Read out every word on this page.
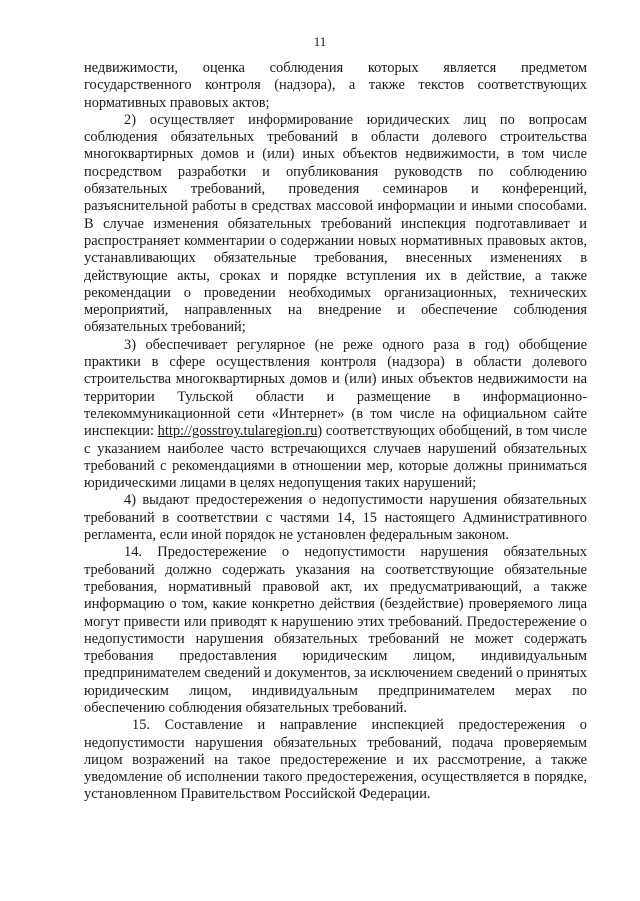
11

недвижимости, оценка соблюдения которых является предметом государственного контроля (надзора), а также текстов соответствующих нормативных правовых актов;

2) осуществляет информирование юридических лиц по вопросам соблюдения обязательных требований в области долевого строительства многоквартирных домов и (или) иных объектов недвижимости, в том числе посредством разработки и опубликования руководств по соблюдению обязательных требований, проведения семинаров и конференций, разъяснительной работы в средствах массовой информации и иными способами. В случае изменения обязательных требований инспекция подготавливает и распространяет комментарии о содержании новых нормативных правовых актов, устанавливающих обязательные требования, внесенных изменениях в действующие акты, сроках и порядке вступления их в действие, а также рекомендации о проведении необходимых организационных, технических мероприятий, направленных на внедрение и обеспечение соблюдения обязательных требований;

3) обеспечивает регулярное (не реже одного раза в год) обобщение практики в сфере осуществления контроля (надзора) в области долевого строительства многоквартирных домов и (или) иных объектов недвижимости на территории Тульской области и размещение в информационно-телекоммуникационной сети «Интернет» (в том числе на официальном сайте инспекции: http://gosstroy.tularegion.ru) соответствующих обобщений, в том числе с указанием наиболее часто встречающихся случаев нарушений обязательных требований с рекомендациями в отношении мер, которые должны приниматься юридическими лицами в целях недопущения таких нарушений;

4) выдают предостережения о недопустимости нарушения обязательных требований в соответствии с частями 14, 15 настоящего Административного регламента, если иной порядок не установлен федеральным законом.

14. Предостережение о недопустимости нарушения обязательных требований должно содержать указания на соответствующие обязательные требования, нормативный правовой акт, их предусматривающий, а также информацию о том, какие конкретно действия (бездействие) проверяемого лица могут привести или приводят к нарушению этих требований. Предостережение о недопустимости нарушения обязательных требований не может содержать требования предоставления юридическим лицом, индивидуальным предпринимателем сведений и документов, за исключением сведений о принятых юридическим лицом, индивидуальным предпринимателем мерах по обеспечению соблюдения обязательных требований.

15. Составление и направление инспекцией предостережения о недопустимости нарушения обязательных требований, подача проверяемым лицом возражений на такое предостережение и их рассмотрение, а также уведомление об исполнении такого предостережения, осуществляется в порядке, установленном Правительством Российской Федерации.
